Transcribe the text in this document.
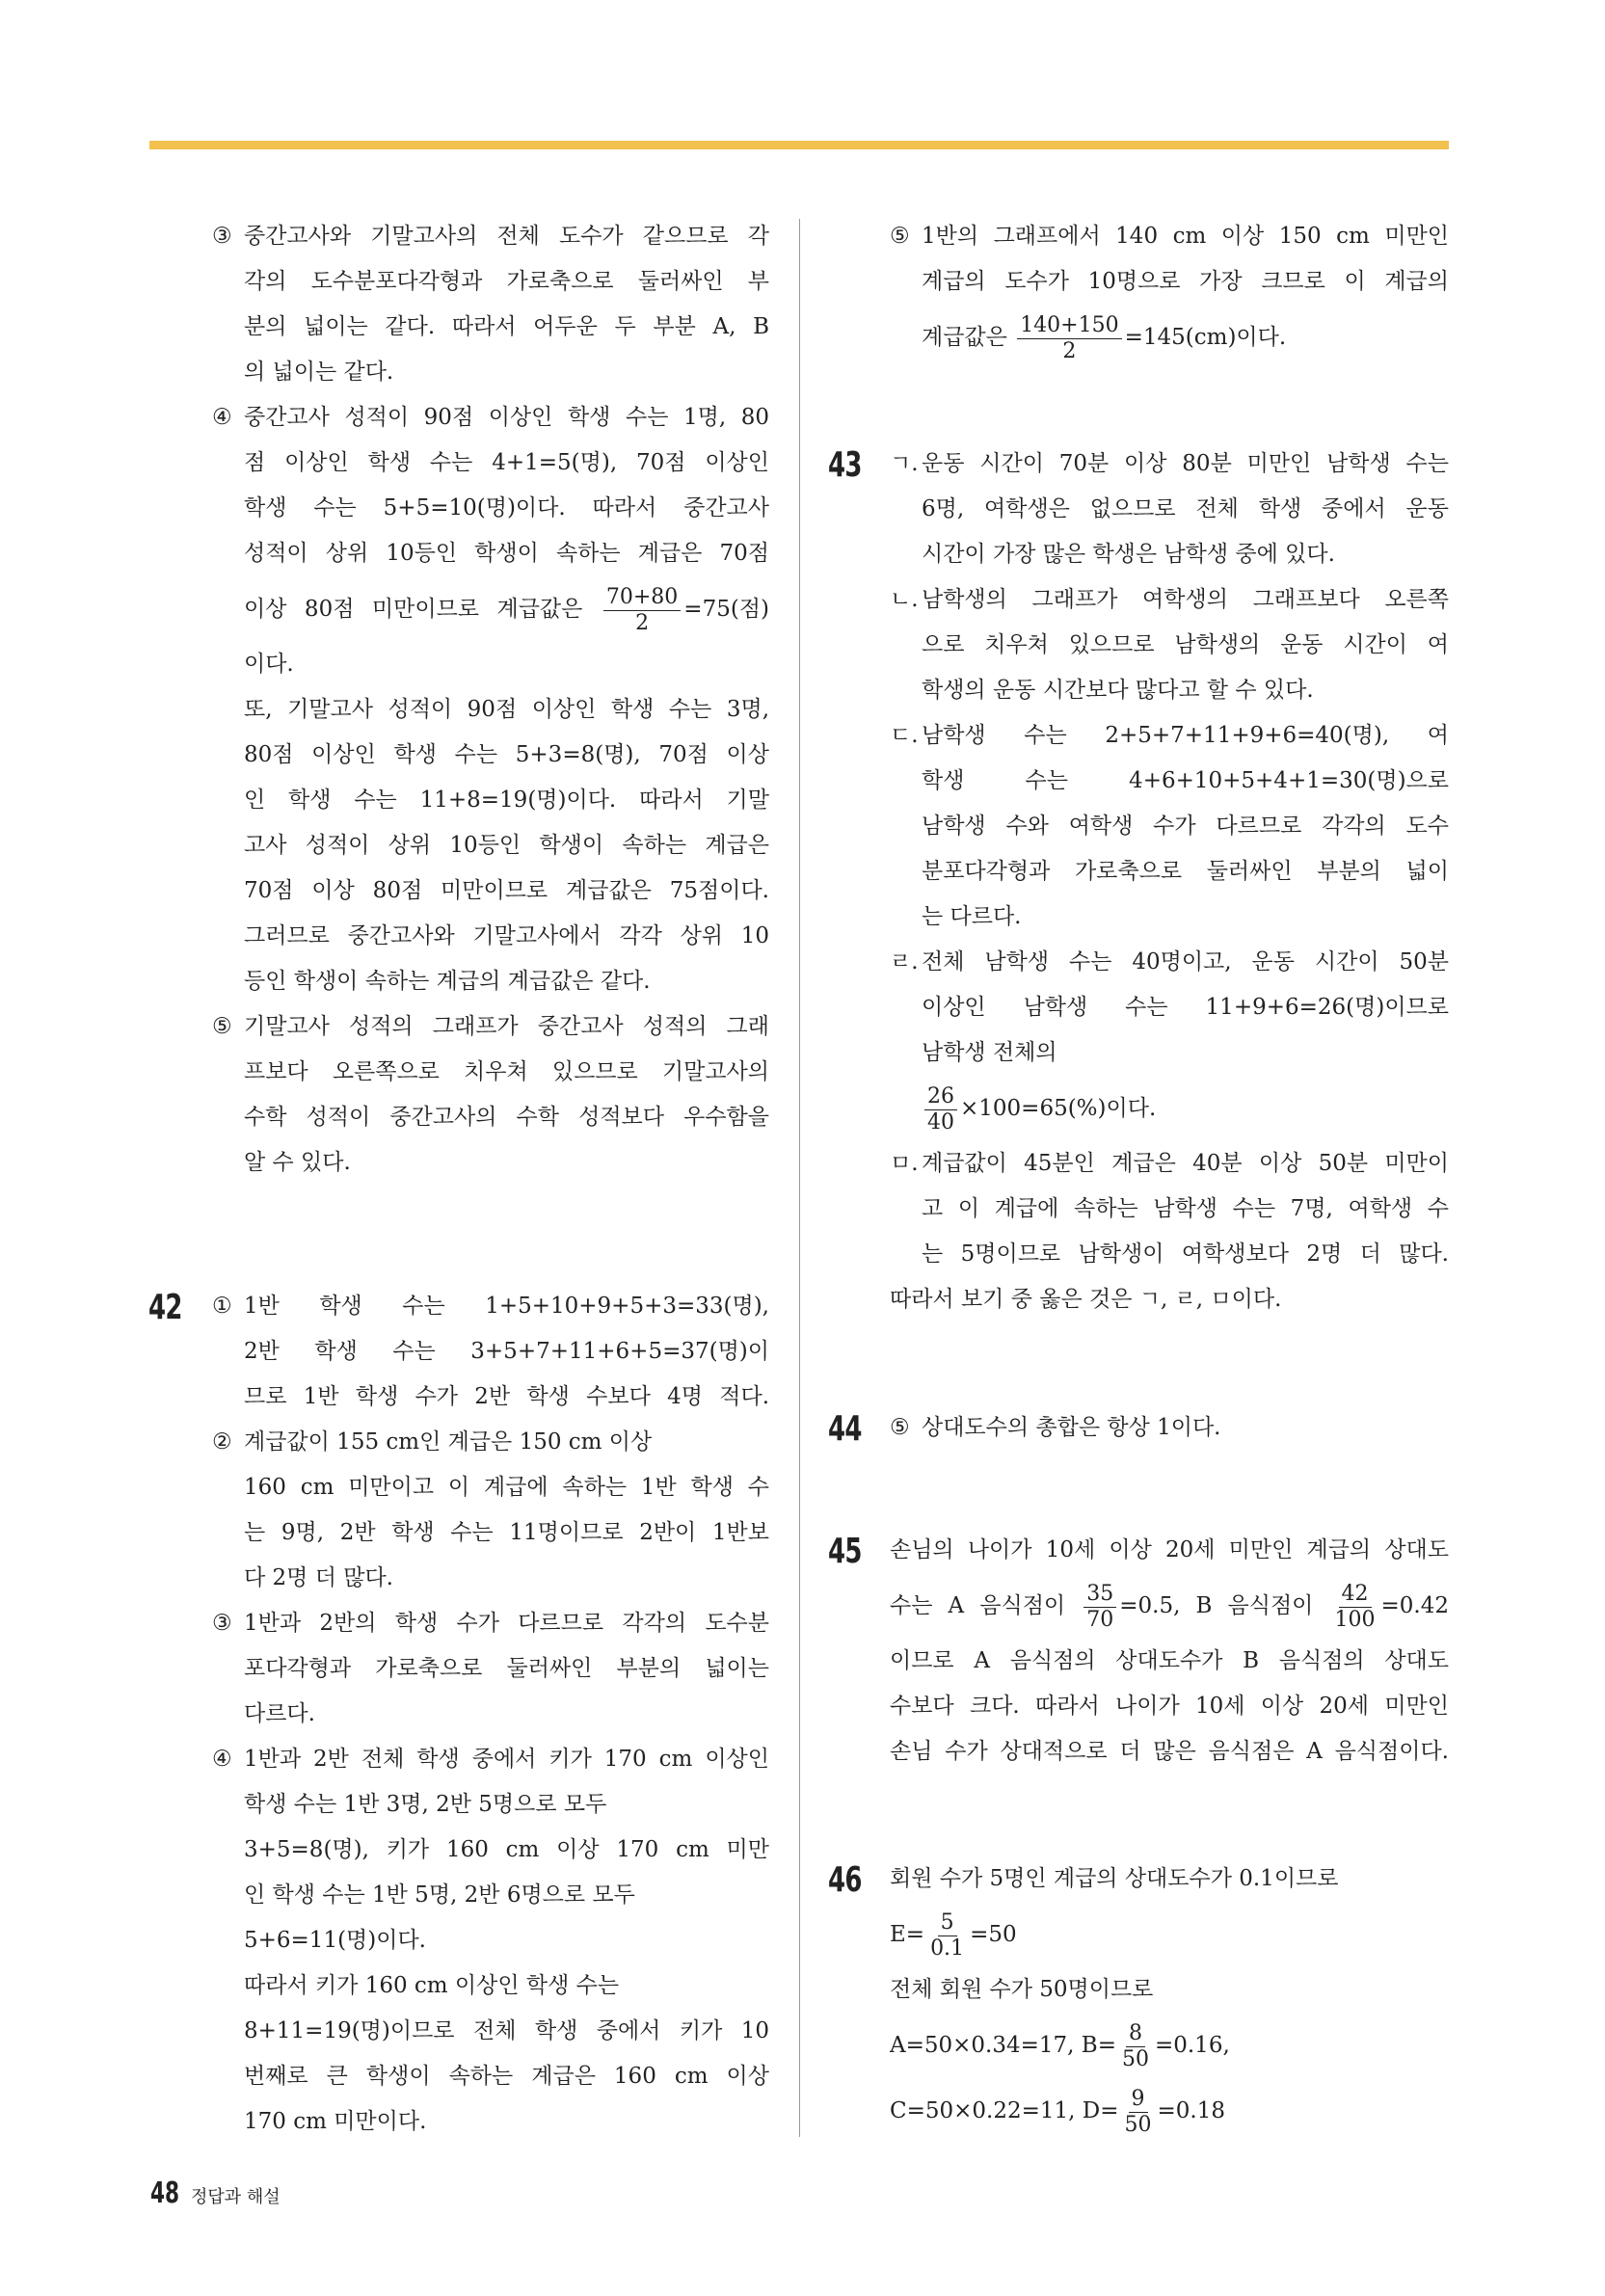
③ 중간고사와 기말고사의 전체 도수가 같으므로 각
각의 도수분포다각형과 가로축으로 둘러싸인 부
분의 넓이는 같다. 따라서 어두운 두 부분 A, B
의 넓이는 같다.
④ 중간고사 성적이 90점 이상인 학생 수는 1명, 80
점 이상인 학생 수는 4+1=5(명), 70점 이상인
학생 수는 5+5=10(명)이다. 따라서 중간고사
성적이 상위 10등인 학생이 속하는 계급은 70점
이상 80점 미만이므로 계급값은 $\frac{70+80}{2} =75$(점)
이다.
또, 기말고사 성적이 90점 이상인 학생 수는 3명,
80점 이상인 학생 수는 5+3=8(명), 70점 이상
인 학생 수는 11+8=19(명)이다. 따라서 기말
고사 성적이 상위 10등인 학생이 속하는 계급은
70점 이상 80점 미만이므로 계급값은 75점이다.
그러므로 중간고사와 기말고사에서 각각 상위 10
등인 학생이 속하는 계급의 계급값은 같다.
⑤ 기말고사 성적의 그래프가 중간고사 성적의 그래
프보다 오른쪽으로 치우쳐 있으므로 기말고사의
수학 성적이 중간고사의 수학 성적보다 우수함을
알 수 있다.
42 ① 1반 학생 수는 1+5+10+9+5+3=33(명),
2반 학생 수는 3+5+7+11+6+5=37(명)이
므로 1반 학생 수가 2반 학생 수보다 4명 적다.
② 계급값이 155 cm인 계급은 150 cm 이상
160 cm 미만이고 이 계급에 속하는 1반 학생 수
는 9명, 2반 학생 수는 11명이므로 2반이 1반보
다 2명 더 많다.
③ 1반과 2반의 학생 수가 다르므로 각각의 도수분
포다각형과 가로축으로 둘러싸인 부분의 넓이는
다르다.
④ 1반과 2반 전체 학생 중에서 키가 170 cm 이상인
학생 수는 1반 3명, 2반 5명으로 모두
3+5=8(명), 키가 160 cm 이상 170 cm 미만
인 학생 수는 1반 5명, 2반 6명으로 모두
5+6=11(명)이다.
따라서 키가 160 cm 이상인 학생 수는
8+11=19(명)이므로 전체 학생 중에서 키가 10
번째로 큰 학생이 속하는 계급은 160 cm 이상
170 cm 미만이다.
⑤ 1반의 그래프에서 140 cm 이상 150 cm 미만인
계급의 도수가 10명으로 가장 크므로 이 계급의
계급값은 $\frac{140+150}{2} =145(cm)$이다.
43 ㄱ. 운동 시간이 70분 이상 80분 미만인 남학생 수는
6명, 여학생은 없으므로 전체 학생 중에서 운동
시간이 가장 많은 학생은 남학생 중에 있다.
ㄴ. 남학생의 그래프가 여학생의 그래프보다 오른쪽
으로 치우쳐 있으므로 남학생의 운동 시간이 여
학생의 운동 시간보다 많다고 할 수 있다.
ㄷ. 남학생 수는 2+5+7+11+9+6=40(명), 여
학생 수는 4+6+10+5+4+1=30(명)으로
남학생 수와 여학생 수가 다르므로 각각의 도수
분포다각형과 가로축으로 둘러싸인 부분의 넓이
는 다르다.
ㄹ. 전체 남학생 수는 40명이고, 운동 시간이 50분
이상인 남학생 수는 11+9+6=26(명)이므로
남학생 전체의
$\frac{26}{40} \times 100=65(\%)$이다.
ㅁ. 계급값이 45분인 계급은 40분 이상 50분 미만이
고 이 계급에 속하는 남학생 수는 7명, 여학생 수
는 5명이므로 남학생이 여학생보다 2명 더 많다.
따라서 보기 중 옳은 것은 ㄱ, ㄹ, ㅁ이다.
44 ⑤ 상대도수의 총합은 항상 1이다.
45 손님의 나이가 10세 이상 20세 미만인 계급의 상대도
수는 A 음식점이 $\frac{35}{70} =0.5$, B 음식점이 $\frac{42}{100} =0.42$
이므로 A 음식점의 상대도수가 B 음식점의 상대도
수보다 크다. 따라서 나이가 10세 이상 20세 미만인
손님 수가 상대적으로 더 많은 음식점은 A 음식점이다.
46 회원 수가 5명인 계급의 상대도수가 0.1이므로
$E= \frac{5}{0.1} =50$
전체 회원 수가 50명이므로
A=50×0.34=17, $B= \frac{8}{50} =0.16$,
C=50×0.22=11, $D= \frac{9}{50} =0.18$
48 정답과 해설
